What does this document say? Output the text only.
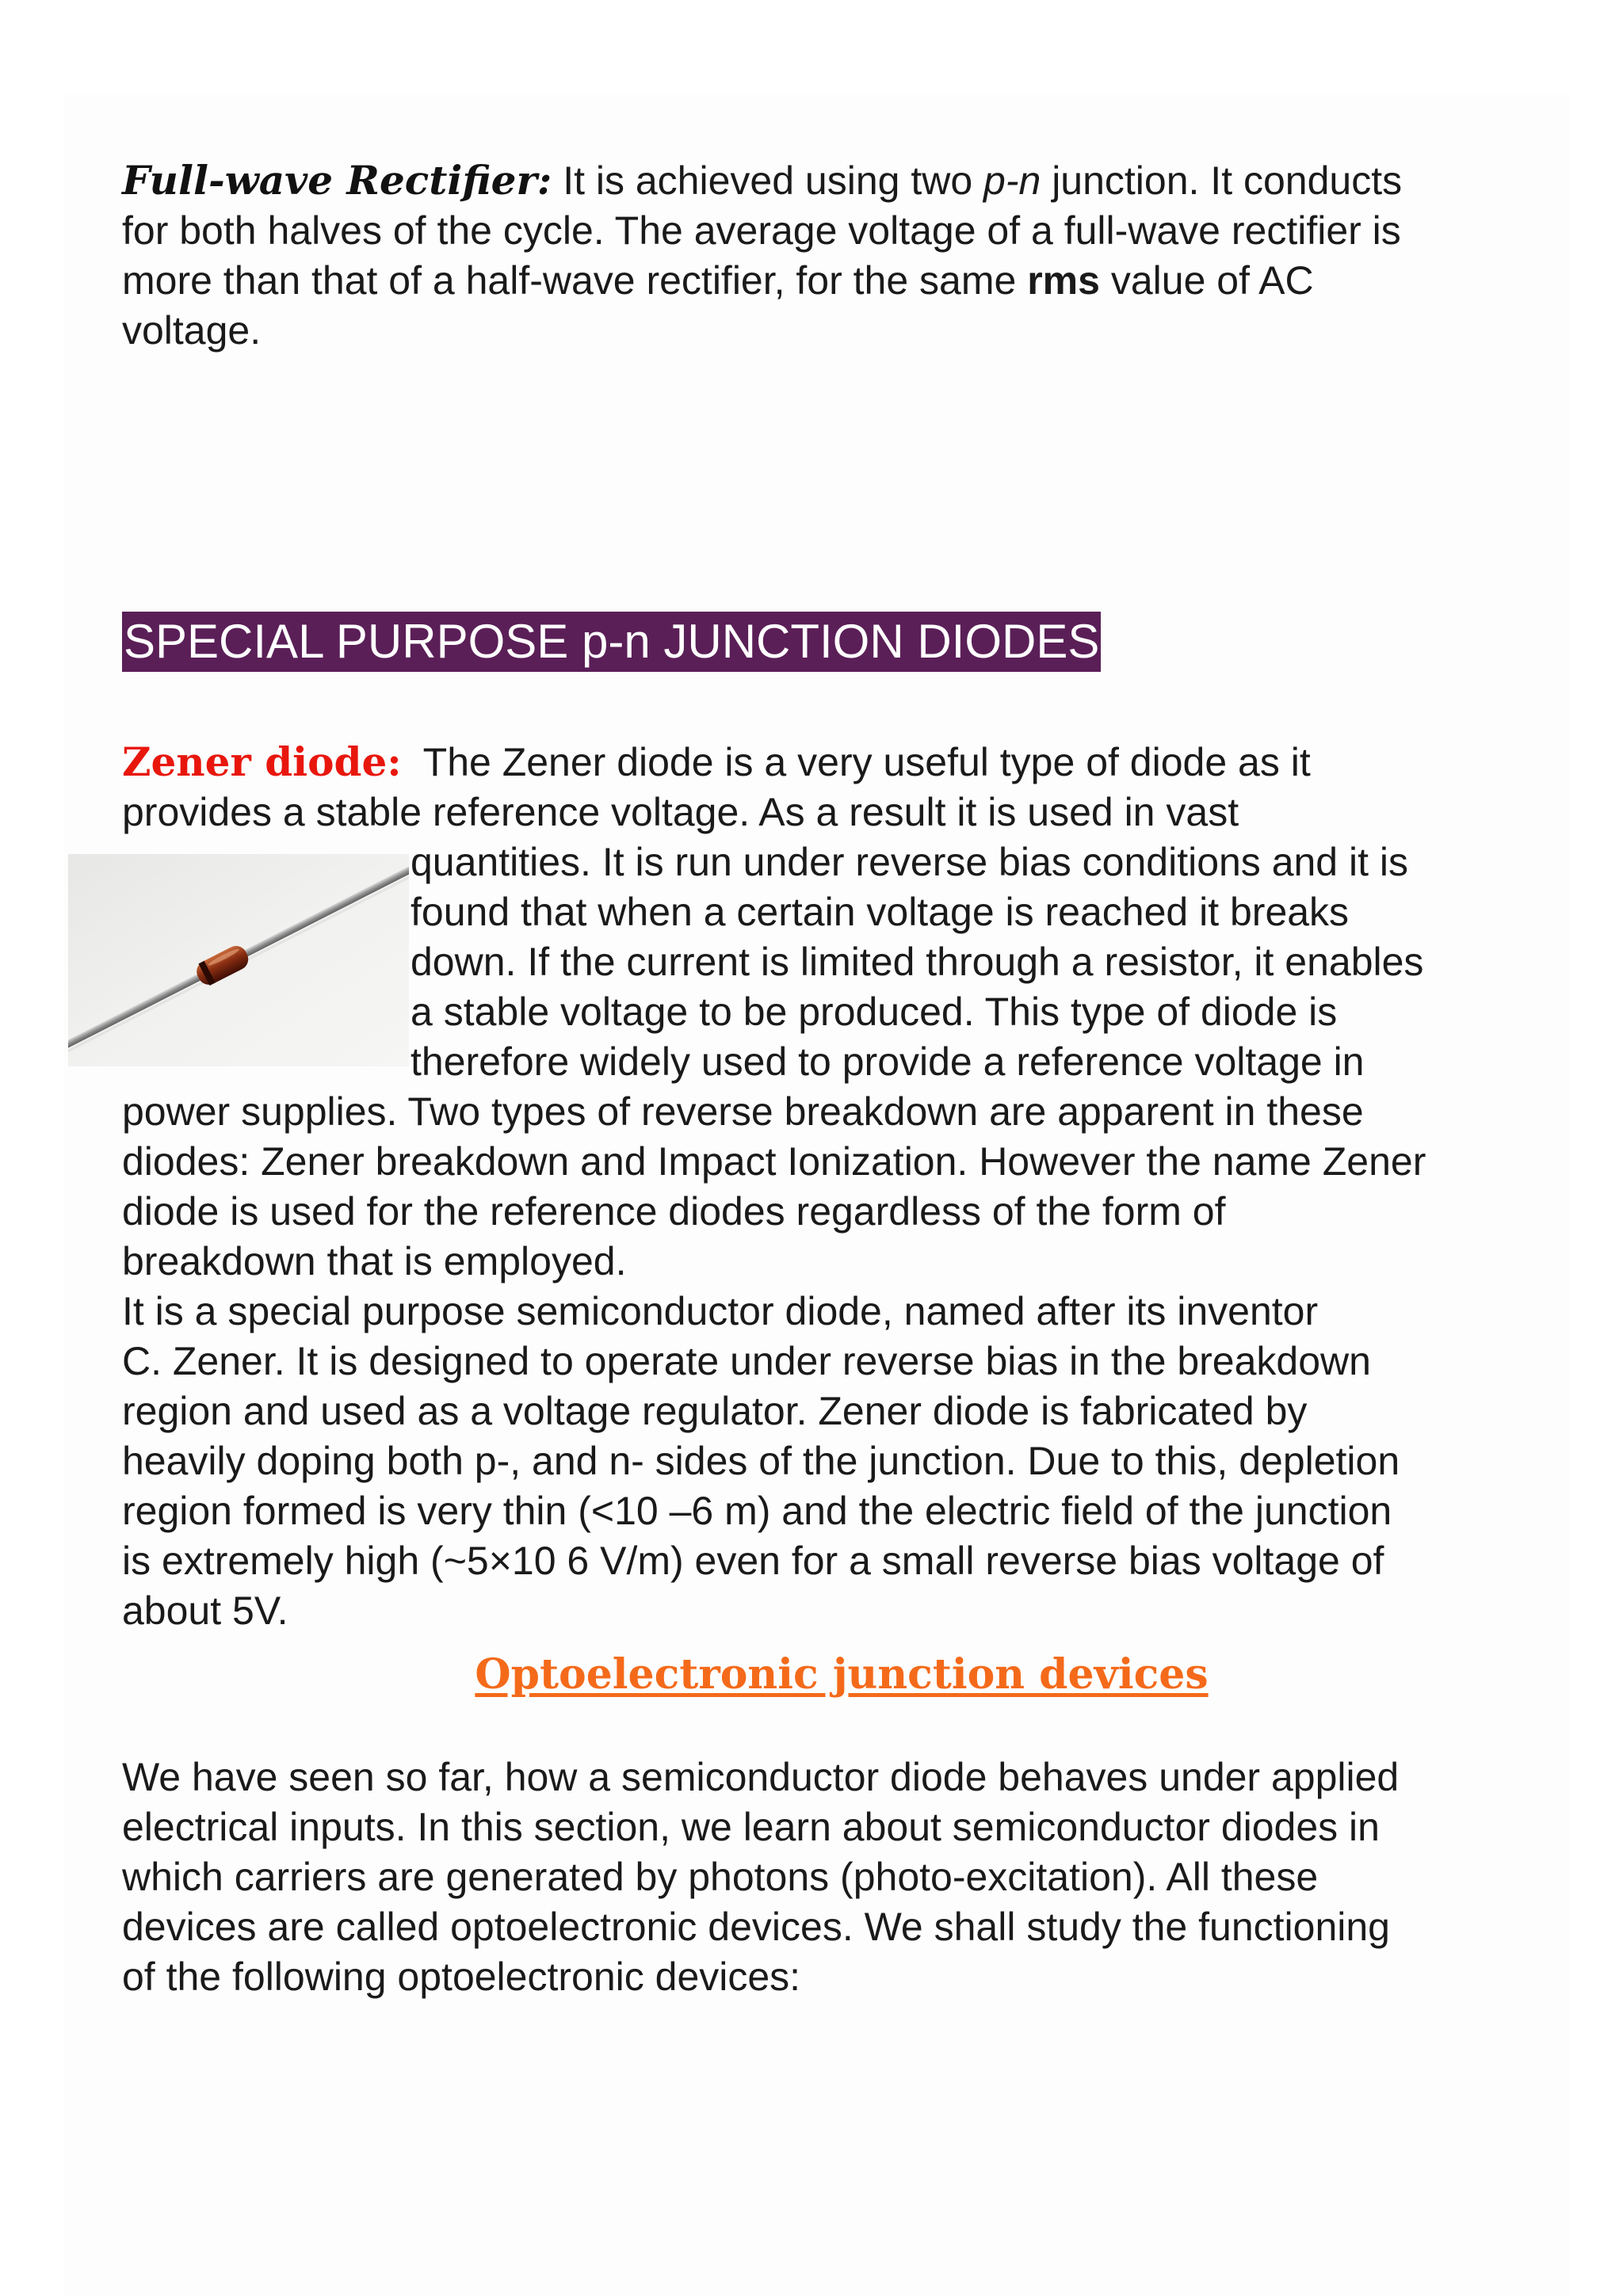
Full-wave Rectifier: It is achieved using two p-n junction. It conducts
for both halves of the cycle. The average voltage of a full-wave rectifier is
more than that of a half-wave rectifier, for the same rms value of AC
voltage.
SPECIAL PURPOSE p-n JUNCTION DIODES
Zener diode:  The Zener diode is a very useful type of diode as it
provides a stable reference voltage. As a result it is used in vast
quantities. It is run under reverse bias conditions and it is
found that when a certain voltage is reached it breaks
down. If the current is limited through a resistor, it enables
a stable voltage to be produced. This type of diode is
therefore widely used to provide a reference voltage in
power supplies. Two types of reverse breakdown are apparent in these
diodes: Zener breakdown and Impact Ionization. However the name Zener
diode is used for the reference diodes regardless of the form of
breakdown that is employed.
It is a special purpose semiconductor diode, named after its inventor
C. Zener. It is designed to operate under reverse bias in the breakdown
region and used as a voltage regulator. Zener diode is fabricated by
heavily doping both p-, and n- sides of the junction. Due to this, depletion
region formed is very thin (<10 –6 m) and the electric field of the junction
is extremely high (~5×10 6 V/m) even for a small reverse bias voltage of
about 5V.
Optoelectronic junction devices
We have seen so far, how a semiconductor diode behaves under applied
electrical inputs. In this section, we learn about semiconductor diodes in
which carriers are generated by photons (photo-excitation). All these
devices are called optoelectronic devices. We shall study the functioning
of the following optoelectronic devices:
